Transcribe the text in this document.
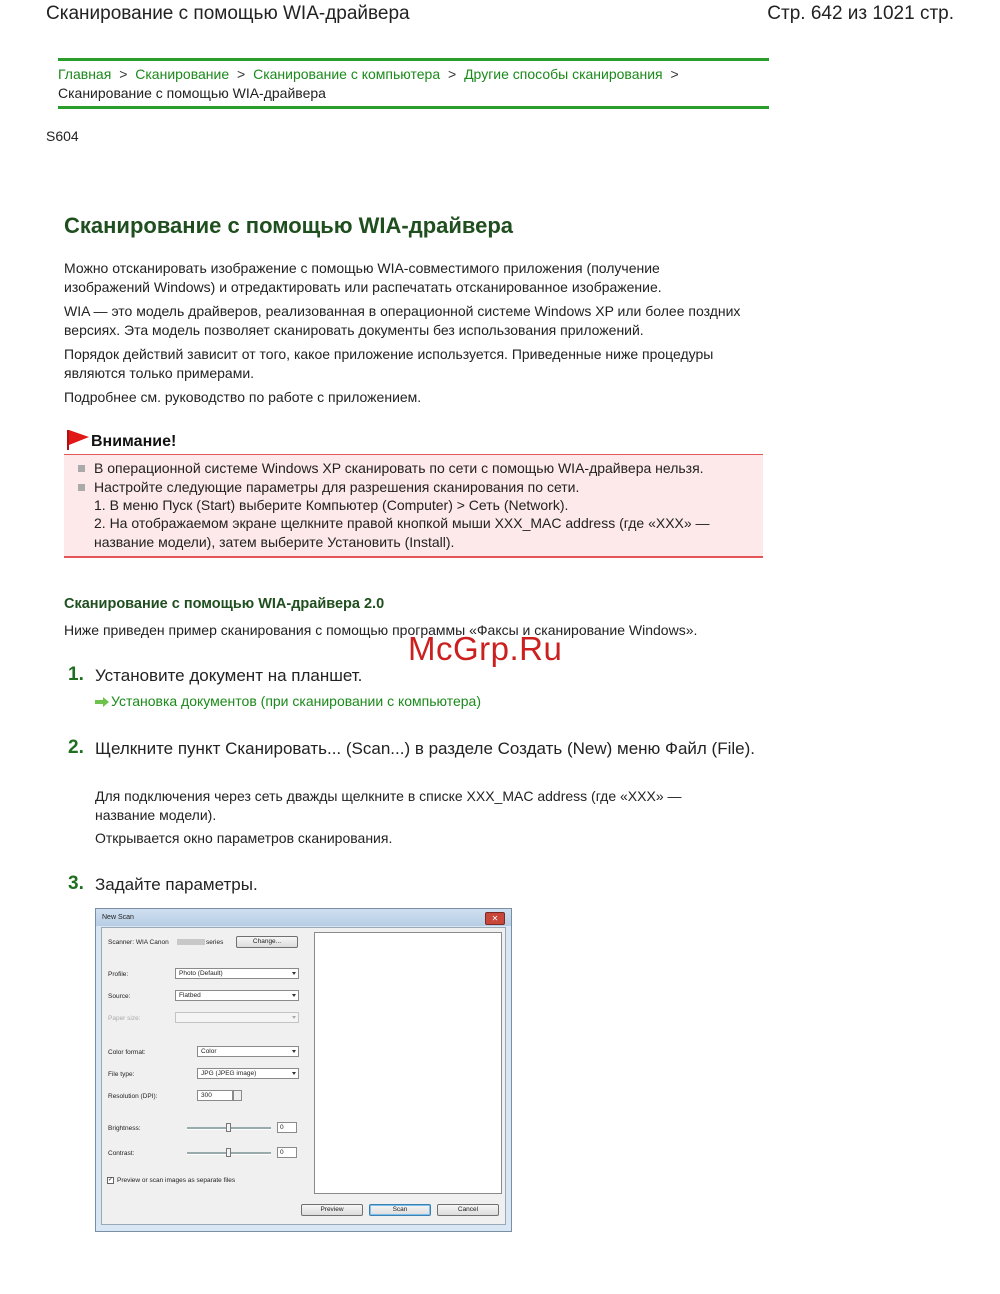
Сканирование с помощью WIA-драйвера	Стр. 642 из 1021 стр.
Главная > Сканирование > Сканирование с компьютера > Другие способы сканирования >
Сканирование с помощью WIA-драйвера
S604
Сканирование с помощью WIA-драйвера

Можно отсканировать изображение с помощью WIA-совместимого приложения (получение изображений Windows) и отредактировать или распечатать отсканированное изображение.

WIA — это модель драйверов, реализованная в операционной системе Windows XP или более поздних версиях. Эта модель позволяет сканировать документы без использования приложений.

Порядок действий зависит от того, какое приложение используется. Приведенные ниже процедуры являются только примерами.

Подробнее см. руководство по работе с приложением.

Внимание!
В операционной системе Windows XP сканировать по сети с помощью WIA-драйвера нельзя.
Настройте следующие параметры для разрешения сканирования по сети.
1. В меню Пуск (Start) выберите Компьютер (Computer) > Сеть (Network).
2. На отображаемом экране щелкните правой кнопкой мыши XXX_MAC address (где «XXX» —
название модели), затем выберите Установить (Install).
Сканирование с помощью WIA-драйвера 2.0

Ниже приведен пример сканирования с помощью программы «Факсы и сканирование Windows».

McGrp.Ru
1. Установите документ на планшет.
Установка документов (при сканировании с компьютера)
2. Щелкните пункт Сканировать... (Scan...) в разделе Создать (New) меню Файл (File).

Для подключения через сеть дважды щелкните в списке XXX_MAC address (где «XXX» — название модели).

Открывается окно параметров сканирования.

3. Задайте параметры.
New Scan	✕
Scanner: WIA Canon	series	Change...
Profile:	Photo (Default)
Source:	Flatbed
Paper size:
Color format:	Color
File type:	JPG (JPEG image)
Resolution (DPI):	300
Brightness:	0
Contrast:	0
✓ Preview or scan images as separate files
Preview	Scan	Cancel
